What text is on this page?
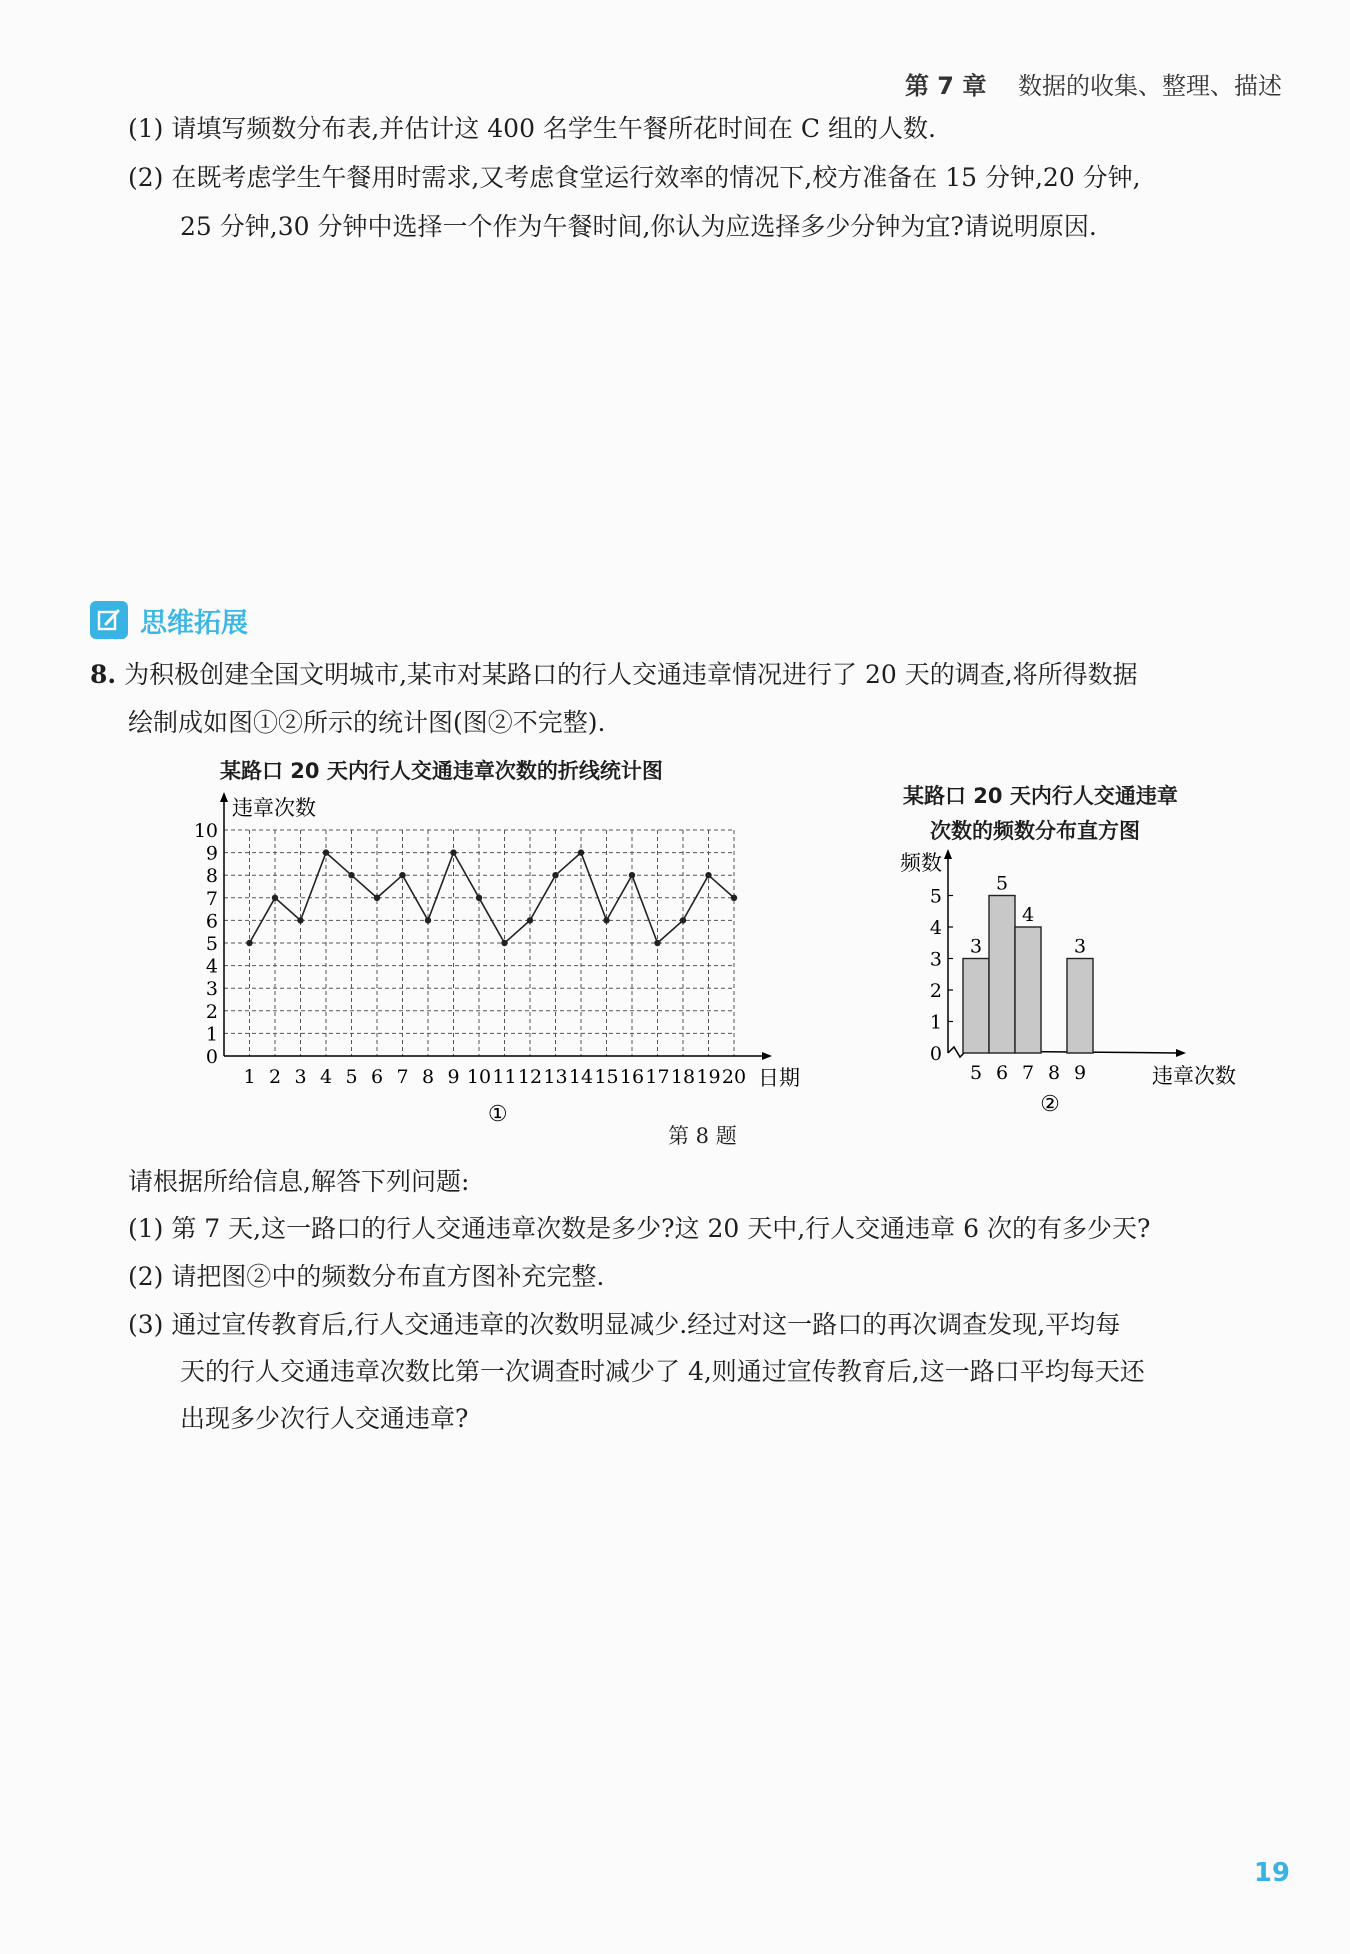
第 7 章 数据的收集、整理、描述
(1) 请填写频数分布表,并估计这 400 名学生午餐所花时间在 C 组的人数.
(2) 在既考虑学生午餐用时需求,又考虑食堂运行效率的情况下,校方准备在 15 分钟,20 分钟,
25 分钟,30 分钟中选择一个作为午餐时间,你认为应选择多少分钟为宜?请说明原因.
思维拓展
8. 为积极创建全国文明城市,某市对某路口的行人交通违章情况进行了 20 天的调查,将所得数据
绘制成如图①②所示的统计图(图②不完整).
某路口 20 天内行人交通违章次数的折线统计图
违章次数
日期
0
1
2
3
4
5
6
7
8
9
10
1 2 3 4 5 6 7 8 9 10 11 12 13 14 15 16 17 18 19 20
①
某路口 20 天内行人交通违章
次数的频数分布直方图
频数
违章次数
0
1
2
3
4
5
3
5
5
6
4
7 8
3
9
②
第 8 题
请根据所给信息,解答下列问题:
(1) 第 7 天,这一路口的行人交通违章次数是多少?这 20 天中,行人交通违章 6 次的有多少天?
(2) 请把图②中的频数分布直方图补充完整.
(3) 通过宣传教育后,行人交通违章的次数明显减少.经过对这一路口的再次调查发现,平均每
天的行人交通违章次数比第一次调查时减少了 4,则通过宣传教育后,这一路口平均每天还
出现多少次行人交通违章?
19
